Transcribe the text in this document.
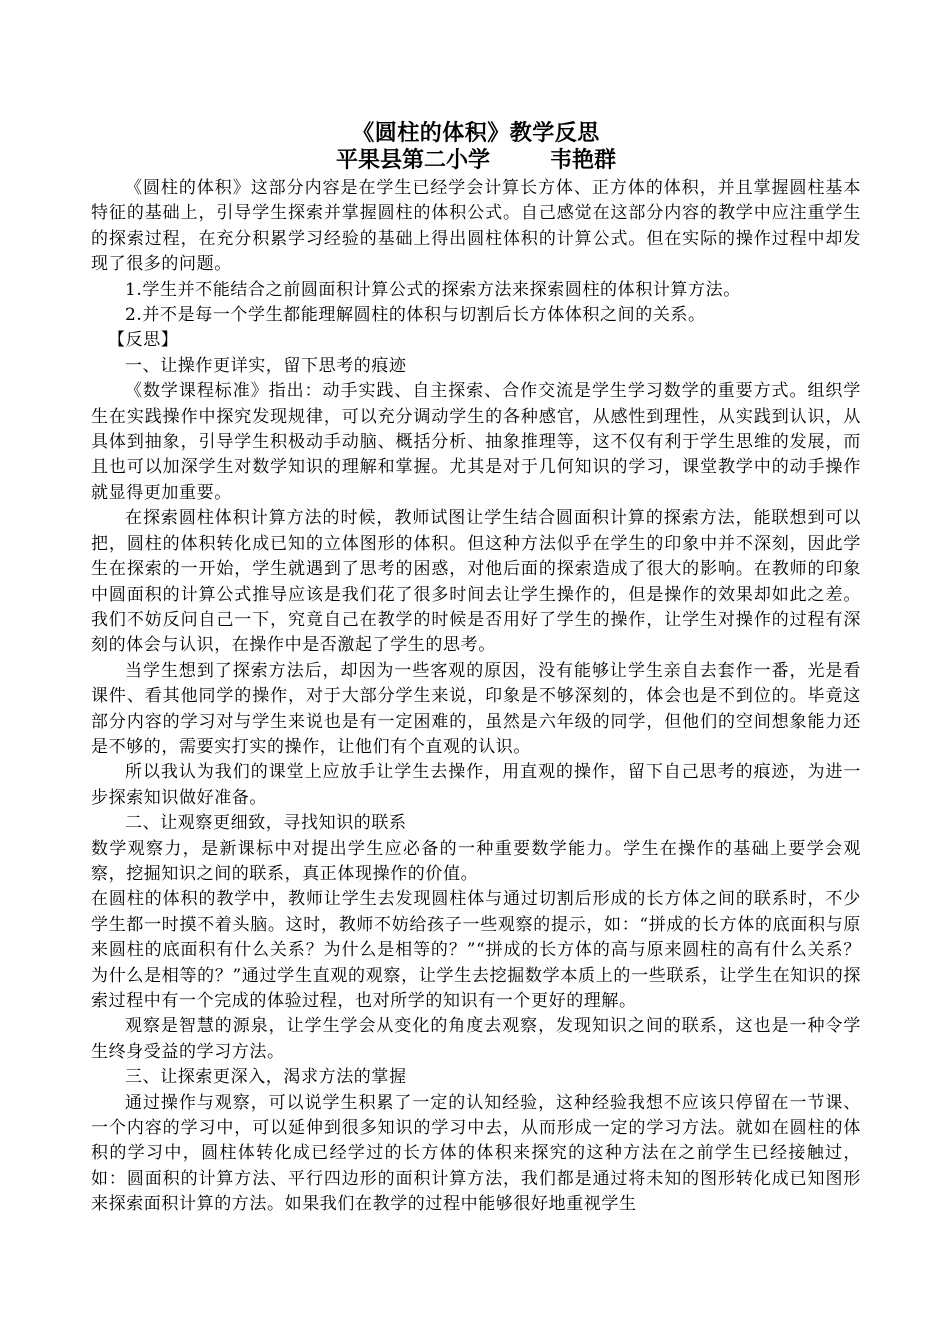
《圆柱的体积》教学反思
平果县第二小学	韦艳群

《圆柱的体积》这部分内容是在学生已经学会计算长方体、正方体的体积，并且掌握圆柱基本特征的基础上，引导学生探索并掌握圆柱的体积公式。自己感觉在这部分内容的教学中应注重学生的探索过程，在充分积累学习经验的基础上得出圆柱体积的计算公式。但在实际的操作过程中却发现了很多的问题。

1.学生并不能结合之前圆面积计算公式的探索方法来探索圆柱的体积计算方法。

2.并不是每一个学生都能理解圆柱的体积与切割后长方体体积之间的关系。

【反思】

一、让操作更详实，留下思考的痕迹

《数学课程标准》指出：动手实践、自主探索、合作交流是学生学习数学的重要方式。组织学生在实践操作中探究发现规律，可以充分调动学生的各种感官，从感性到理性，从实践到认识，从具体到抽象，引导学生积极动手动脑、概括分析、抽象推理等，这不仅有利于学生思维的发展，而且也可以加深学生对数学知识的理解和掌握。尤其是对于几何知识的学习，课堂教学中的动手操作就显得更加重要。

在探索圆柱体积计算方法的时候，教师试图让学生结合圆面积计算的探索方法，能联想到可以把，圆柱的体积转化成已知的立体图形的体积。但这种方法似乎在学生的印象中并不深刻，因此学生在探索的一开始，学生就遇到了思考的困惑，对他后面的探索造成了很大的影响。在教师的印象中圆面积的计算公式推导应该是我们花了很多时间去让学生操作的，但是操作的效果却如此之差。我们不妨反问自己一下，究竟自己在教学的时候是否用好了学生的操作，让学生对操作的过程有深刻的体会与认识，在操作中是否激起了学生的思考。

当学生想到了探索方法后，却因为一些客观的原因，没有能够让学生亲自去套作一番，光是看课件、看其他同学的操作，对于大部分学生来说，印象是不够深刻的，体会也是不到位的。毕竟这部分内容的学习对与学生来说也是有一定困难的，虽然是六年级的同学，但他们的空间想象能力还是不够的，需要实打实的操作，让他们有个直观的认识。

所以我认为我们的课堂上应放手让学生去操作，用直观的操作，留下自己思考的痕迹，为进一步探索知识做好准备。

二、让观察更细致，寻找知识的联系

数学观察力，是新课标中对提出学生应必备的一种重要数学能力。学生在操作的基础上要学会观察，挖掘知识之间的联系，真正体现操作的价值。

在圆柱的体积的教学中，教师让学生去发现圆柱体与通过切割后形成的长方体之间的联系时，不少学生都一时摸不着头脑。这时，教师不妨给孩子一些观察的提示，如：“拼成的长方体的底面积与原来圆柱的底面积有什么关系？为什么是相等的？”“拼成的长方体的高与原来圆柱的高有什么关系？为什么是相等的？”通过学生直观的观察，让学生去挖掘数学本质上的一些联系，让学生在知识的探索过程中有一个完成的体验过程，也对所学的知识有一个更好的理解。

观察是智慧的源泉，让学生学会从变化的角度去观察，发现知识之间的联系，这也是一种令学生终身受益的学习方法。

三、让探索更深入，渴求方法的掌握

通过操作与观察，可以说学生积累了一定的认知经验，这种经验我想不应该只停留在一节课、一个内容的学习中，可以延伸到很多知识的学习中去，从而形成一定的学习方法。就如在圆柱的体积的学习中，圆柱体转化成已经学过的长方体的体积来探究的这种方法在之前学生已经接触过，如：圆面积的计算方法、平行四边形的面积计算方法，我们都是通过将未知的图形转化成已知图形来探索面积计算的方法。如果我们在教学的过程中能够很好地重视学生
